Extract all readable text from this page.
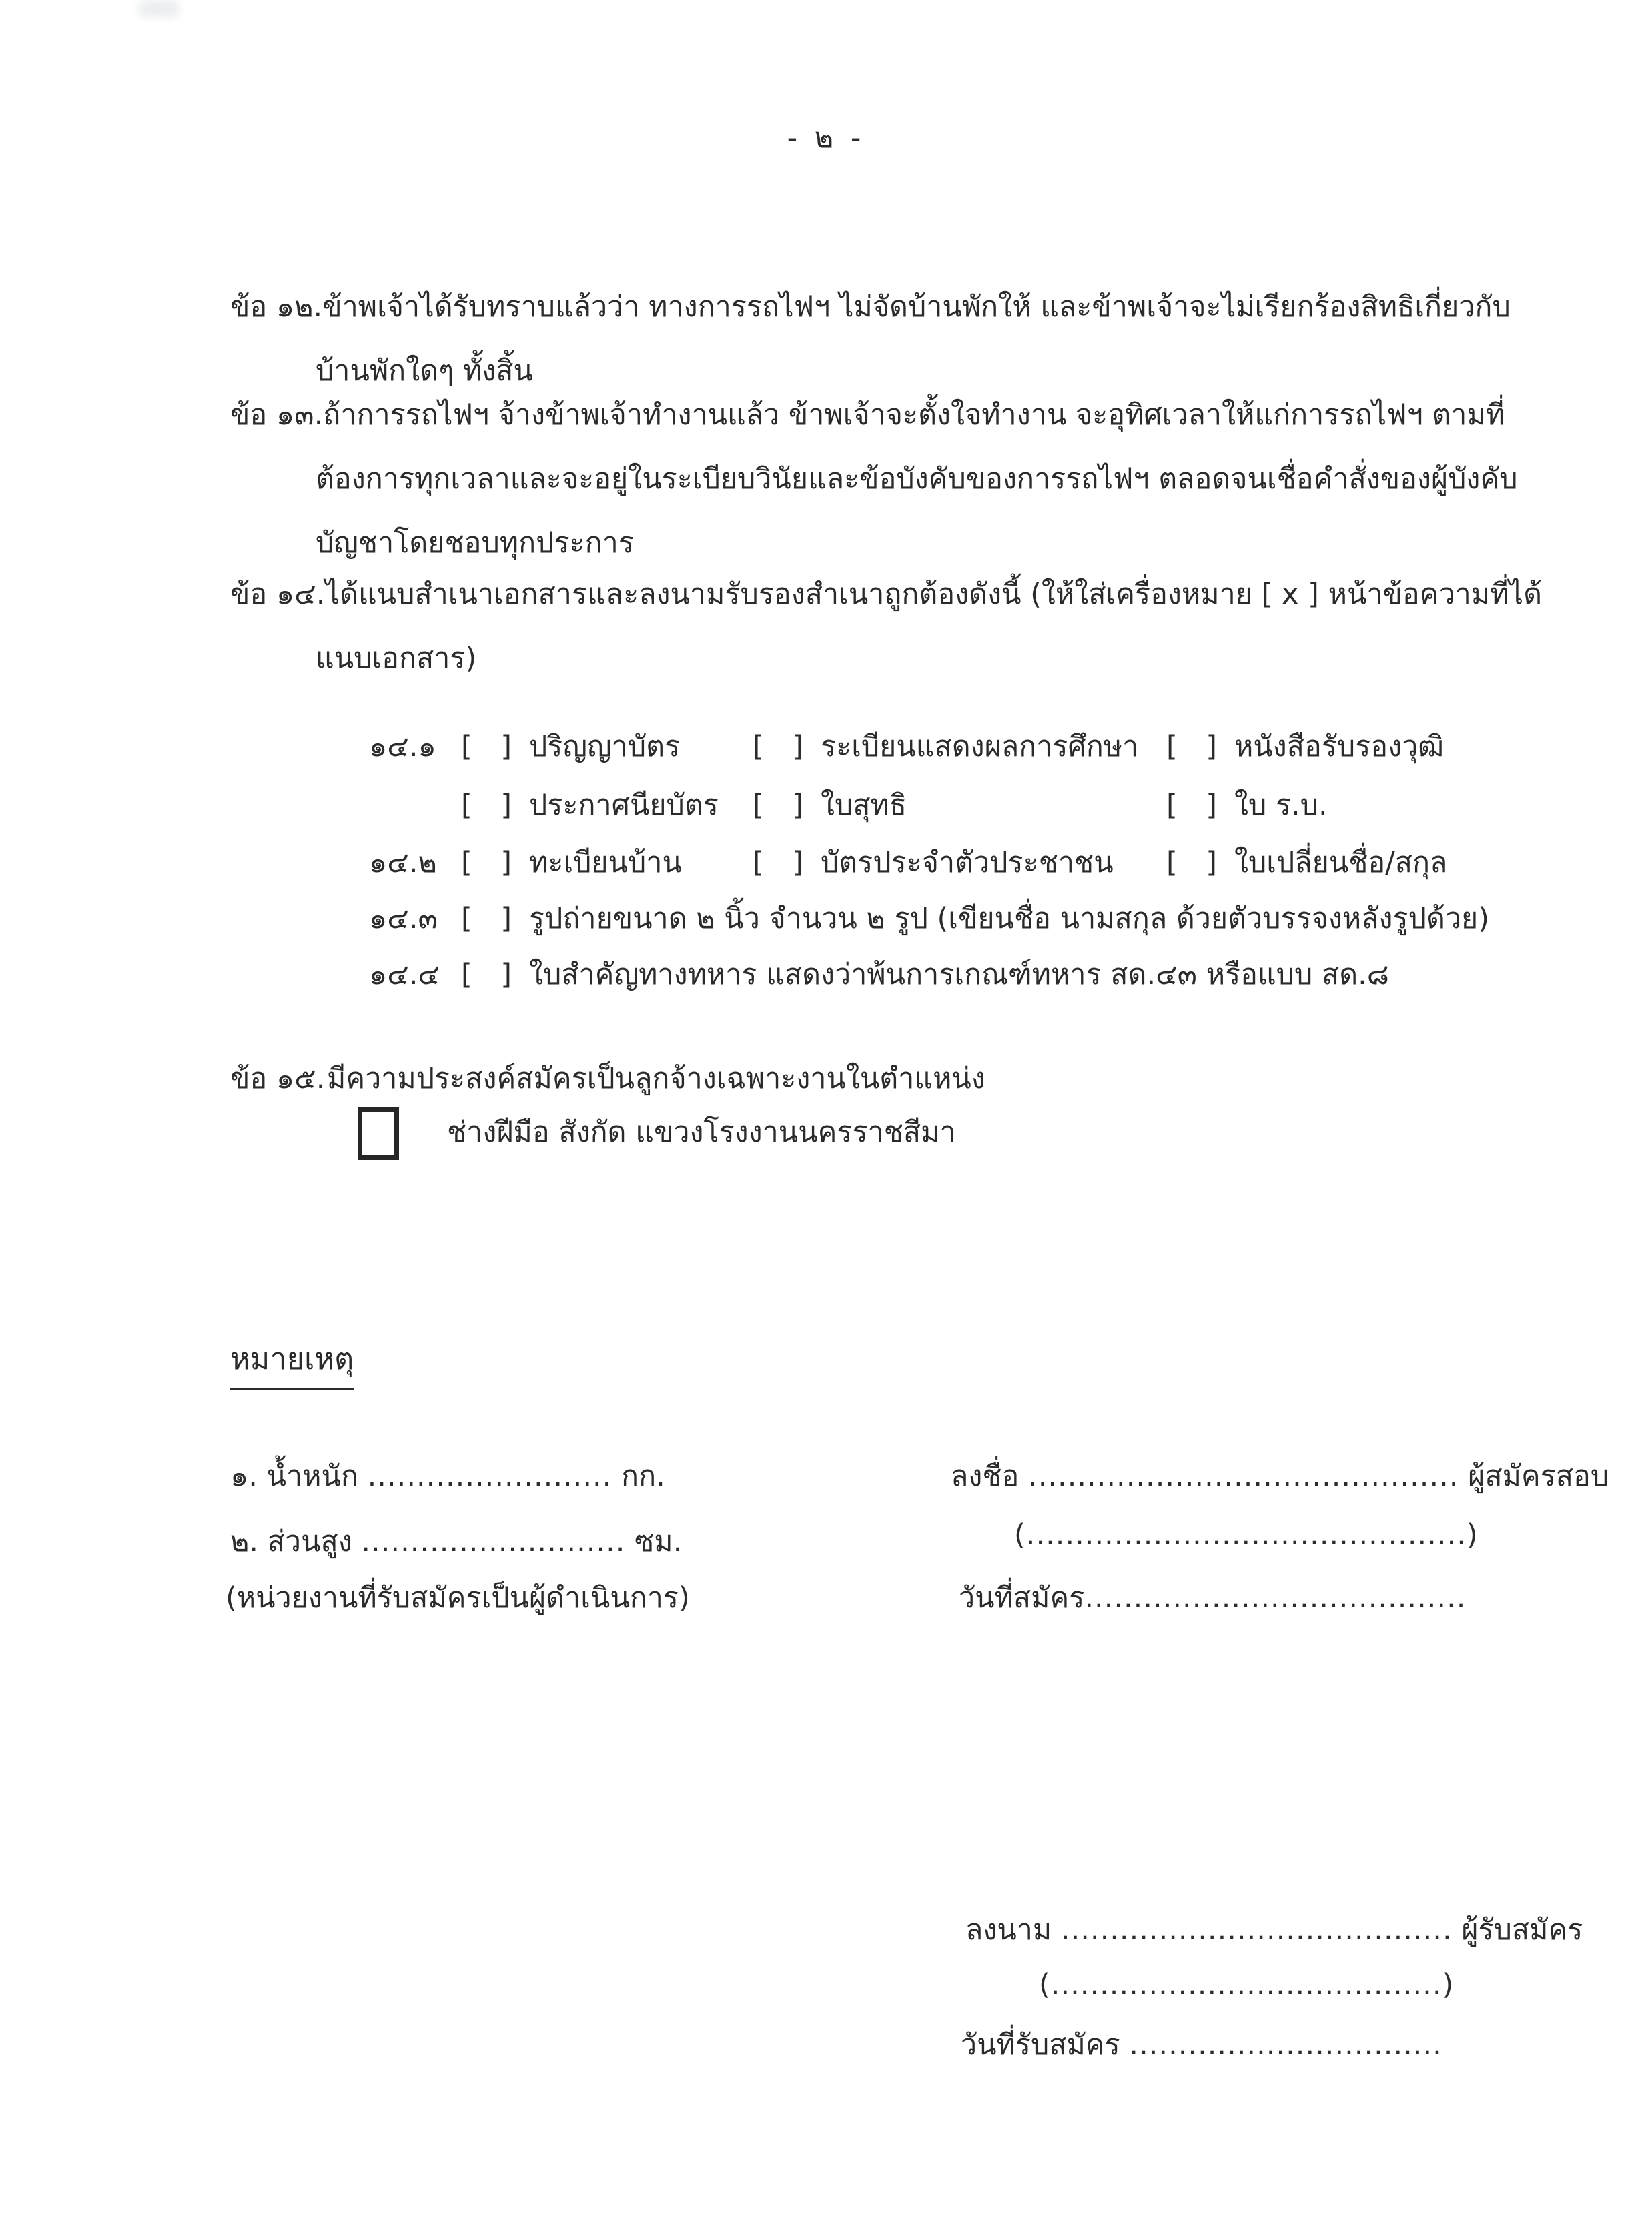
- ๒ -
ข้อ ๑๒.ข้าพเจ้าได้รับทราบแล้วว่า ทางการรถไฟฯ ไม่จัดบ้านพักให้ และข้าพเจ้าจะไม่เรียกร้องสิทธิเกี่ยวกับ
บ้านพักใดๆ ทั้งสิ้น
ข้อ ๑๓.ถ้าการรถไฟฯ จ้างข้าพเจ้าทำงานแล้ว ข้าพเจ้าจะตั้งใจทำงาน จะอุทิศเวลาให้แก่การรถไฟฯ ตามที่
ต้องการทุกเวลาและจะอยู่ในระเบียบวินัยและข้อบังคับของการรถไฟฯ ตลอดจนเชื่อคำสั่งของผู้บังคับ
บัญชาโดยชอบทุกประการ
ข้อ ๑๔.ได้แนบสำเนาเอกสารและลงนามรับรองสำเนาถูกต้องดังนี้ (ให้ใส่เครื่องหมาย [ x ] หน้าข้อความที่ได้
แนบเอกสาร)
๑๔.๑ [ ] ปริญญาบัตร	[ ] ระเบียนแสดงผลการศึกษา [ ] หนังสือรับรองวุฒิ
[ ] ประกาศนียบัตร [ ] ใบสุทธิ	[ ] ใบ ร.บ.
๑๔.๒ [ ] ทะเบียนบ้าน [ ] บัตรประจำตัวประชาชน [ ] ใบเปลี่ยนชื่อ/สกุล
๑๔.๓ [ ] รูปถ่ายขนาด ๒ นิ้ว จำนวน ๒ รูป (เขียนชื่อ นามสกุล ด้วยตัวบรรจงหลังรูปด้วย)
๑๔.๔ [ ] ใบสำคัญทางทหาร แสดงว่าพ้นการเกณฑ์ทหาร สด.๔๓ หรือแบบ สด.๘
ข้อ ๑๕.มีความประสงค์สมัครเป็นลูกจ้างเฉพาะงานในตำแหน่ง
ช่างฝีมือ สังกัด แขวงโรงงานนครราชสีมา
หมายเหตุ
๑. น้ำหนัก ......................... กก.
๒. ส่วนสูง ........................... ซม.
(หน่วยงานที่รับสมัครเป็นผู้ดำเนินการ)
ลงชื่อ ............................................ ผู้สมัครสอบ
(.............................................)
วันที่สมัคร.......................................
ลงนาม ........................................ ผู้รับสมัคร
(........................................)
วันที่รับสมัคร ................................
